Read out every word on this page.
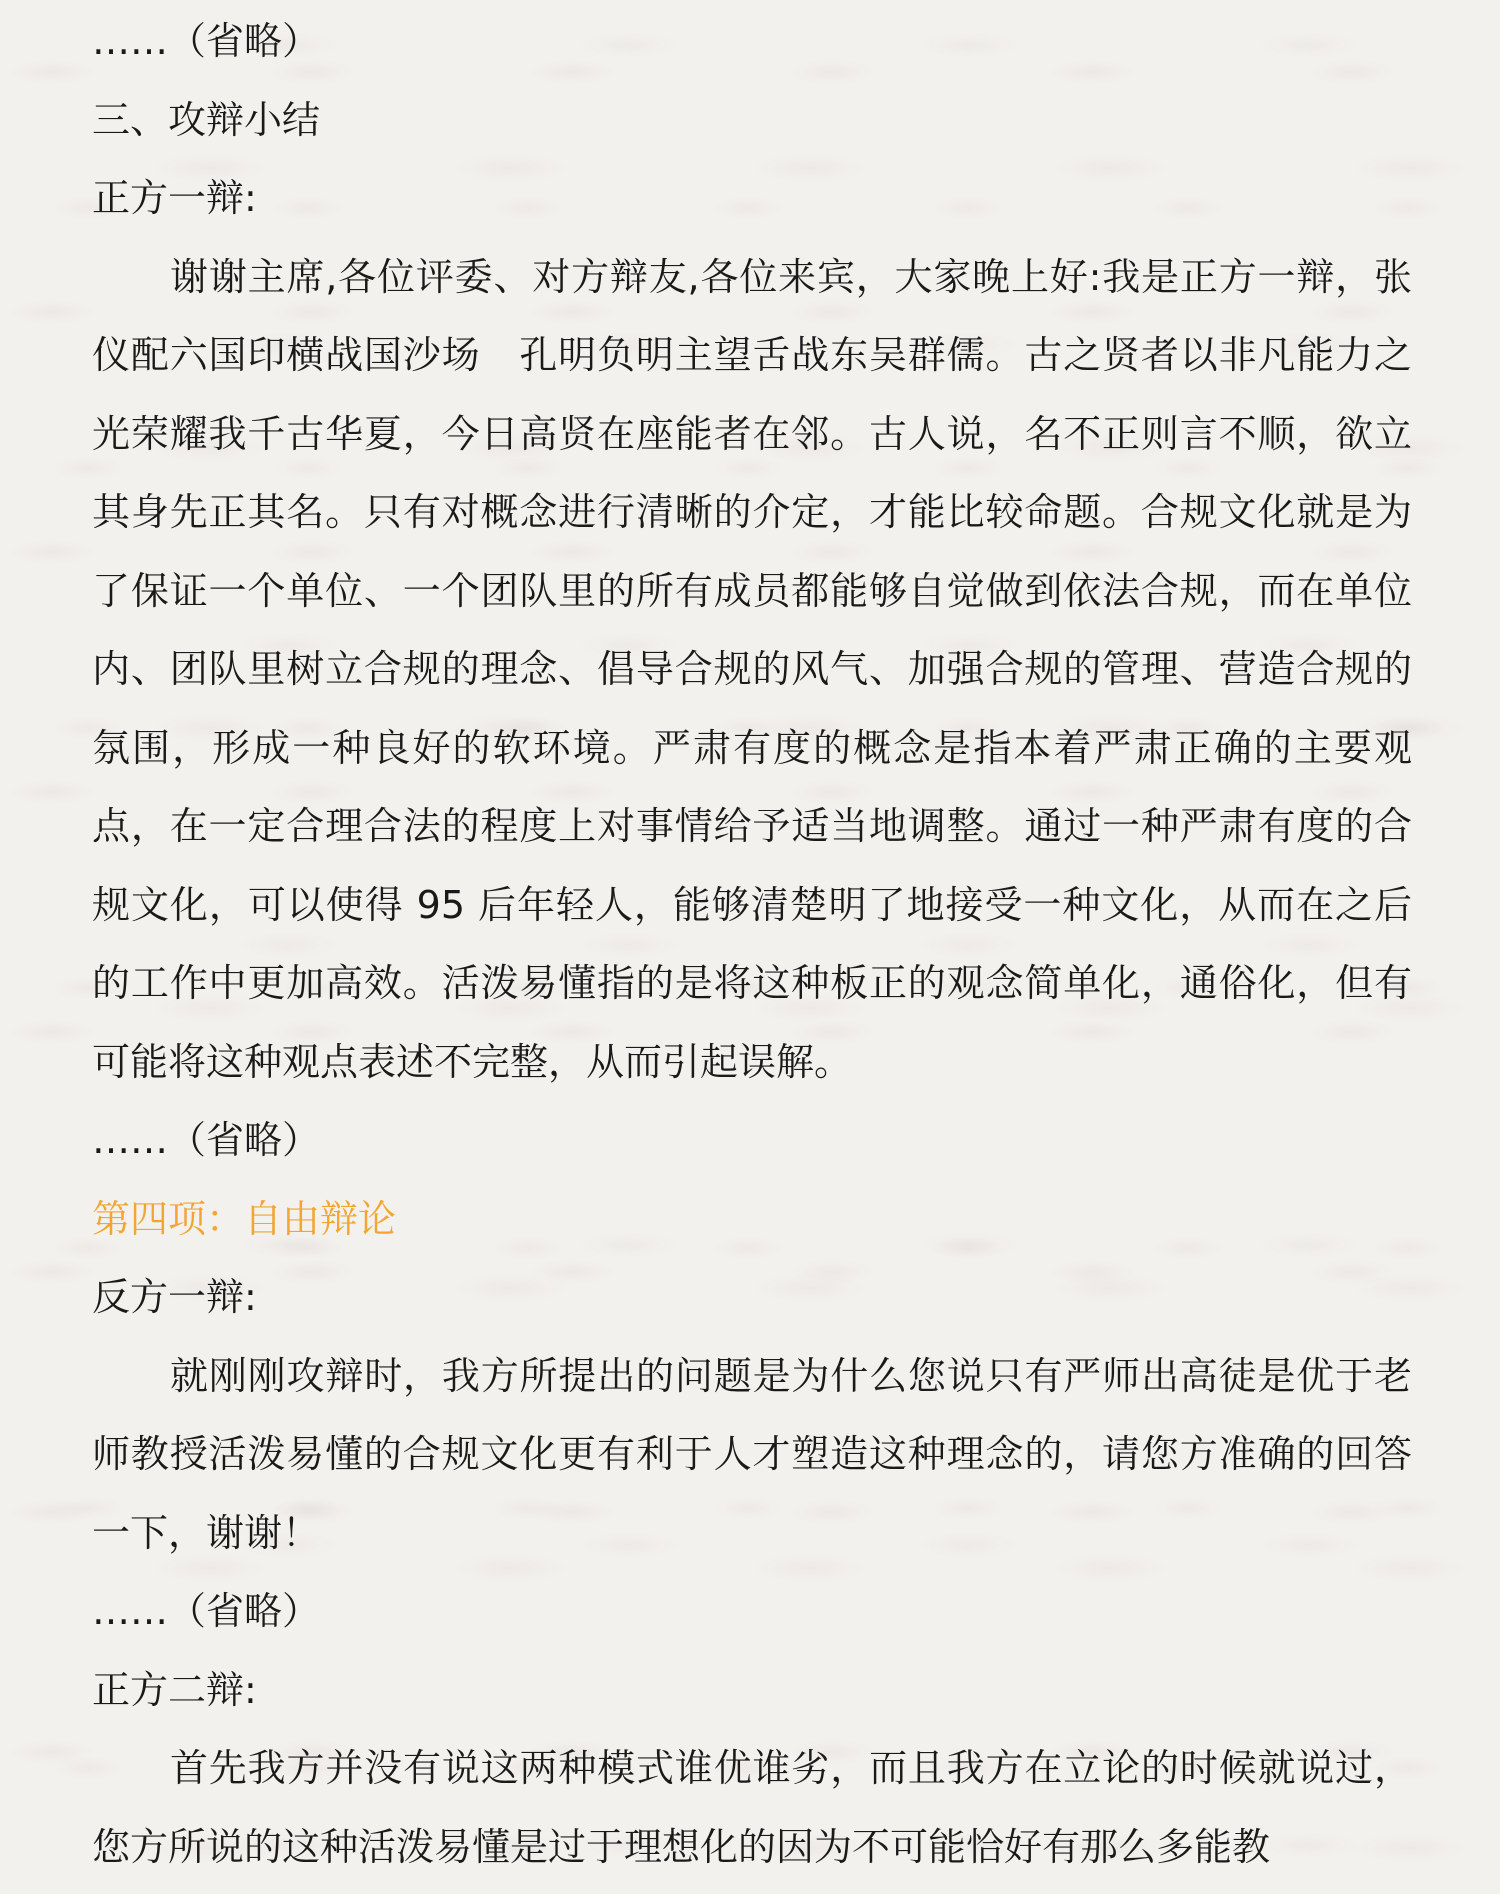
……（省略）
三、攻辩小结
正方一辩:

谢谢主席,各位评委、对方辩友,各位来宾，大家晚上好:我是正方一辩，张仪配六国印横战国沙场　孔明负明主望舌战东吴群儒。古之贤者以非凡能力之光荣耀我千古华夏，今日高贤在座能者在邻。古人说，名不正则言不顺，欲立其身先正其名。只有对概念进行清晰的介定，才能比较命题。合规文化就是为了保证一个单位、一个团队里的所有成员都能够自觉做到依法合规，而在单位内、团队里树立合规的理念、倡导合规的风气、加强合规的管理、营造合规的氛围，形成一种良好的软环境。严肃有度的概念是指本着严肃正确的主要观点，在一定合理合法的程度上对事情给予适当地调整。通过一种严肃有度的合规文化，可以使得 95 后年轻人，能够清楚明了地接受一种文化，从而在之后的工作中更加高效。活泼易懂指的是将这种板正的观念简单化，通俗化，但有可能将这种观点表述不完整，从而引起误解。

……（省略）
第四项：自由辩论
反方一辩:

就刚刚攻辩时，我方所提出的问题是为什么您说只有严师出高徒是优于老师教授活泼易懂的合规文化更有利于人才塑造这种理念的，请您方准确的回答一下，谢谢！

……（省略）
正方二辩:

首先我方并没有说这两种模式谁优谁劣，而且我方在立论的时候就说过，您方所说的这种活泼易懂是过于理想化的因为不可能恰好有那么多能教
